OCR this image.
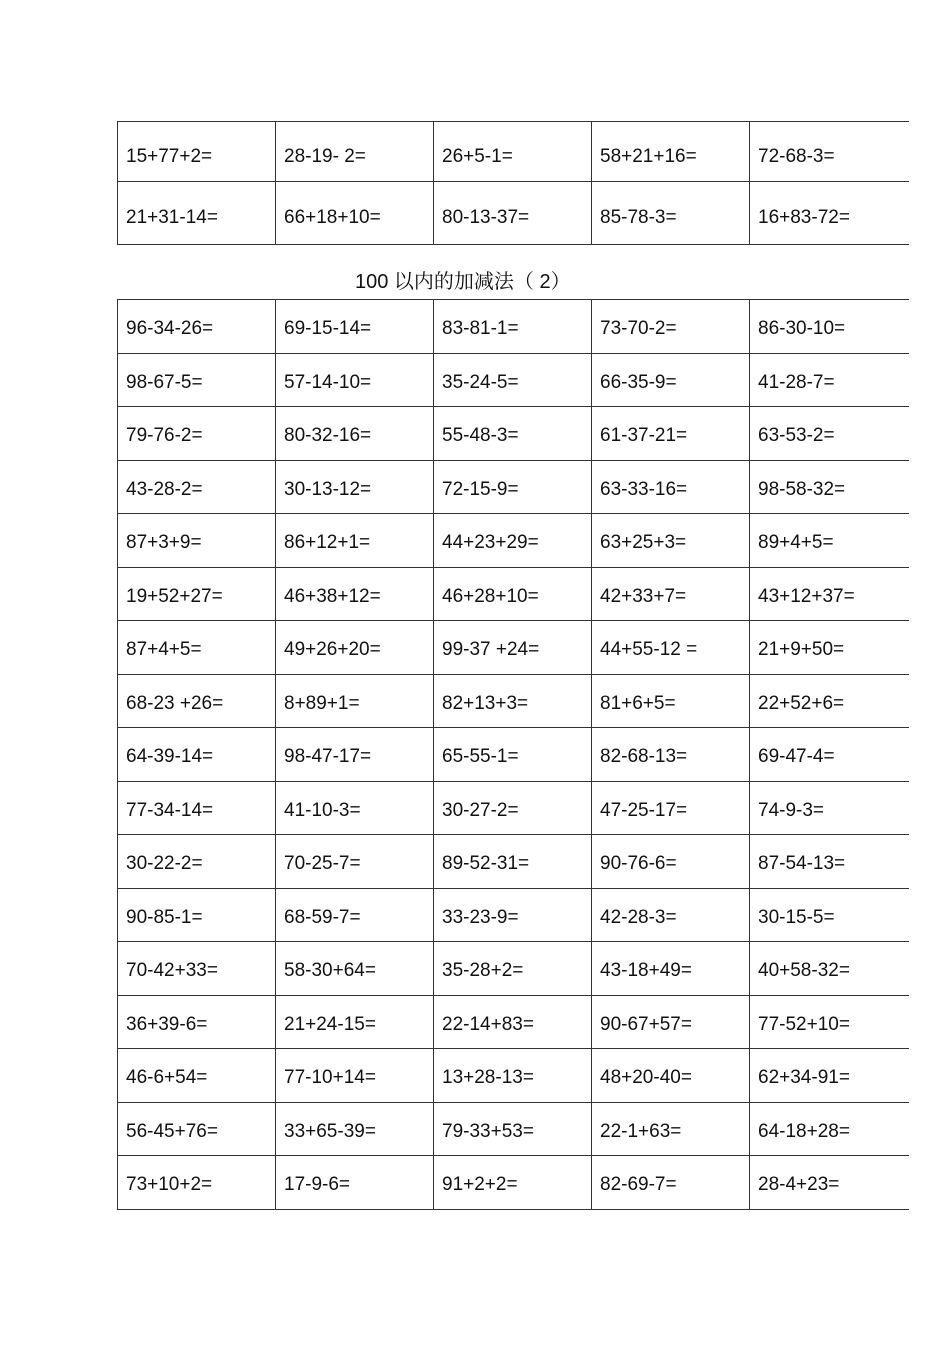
15+77+2=	28-19- 2=	26+5-1=	58+21+16=	72-68-3=
21+31-14=	66+18+10=	80-13-37=	85-78-3=	16+83-72=
100 以内的加减法（ 2）
96-34-26=	69-15-14=	83-81-1=	73-70-2=	86-30-10=
98-67-5=	57-14-10=	35-24-5=	66-35-9=	41-28-7=
79-76-2=	80-32-16=	55-48-3=	61-37-21=	63-53-2=
43-28-2=	30-13-12=	72-15-9=	63-33-16=	98-58-32=
87+3+9=	86+12+1=	44+23+29=	63+25+3=	89+4+5=
19+52+27=	46+38+12=	46+28+10=	42+33+7=	43+12+37=
87+4+5=	49+26+20=	99-37 +24=	44+55-12 =	21+9+50=
68-23 +26=	8+89+1=	82+13+3=	81+6+5=	22+52+6=
64-39-14=	98-47-17=	65-55-1=	82-68-13=	69-47-4=
77-34-14=	41-10-3=	30-27-2=	47-25-17=	74-9-3=
30-22-2=	70-25-7=	89-52-31=	90-76-6=	87-54-13=
90-85-1=	68-59-7=	33-23-9=	42-28-3=	30-15-5=
70-42+33=	58-30+64=	35-28+2=	43-18+49=	40+58-32=
36+39-6=	21+24-15=	22-14+83=	90-67+57=	77-52+10=
46-6+54=	77-10+14=	13+28-13=	48+20-40=	62+34-91=
56-45+76=	33+65-39=	79-33+53=	22-1+63=	64-18+28=
73+10+2=	17-9-6=	91+2+2=	82-69-7=	28-4+23=
